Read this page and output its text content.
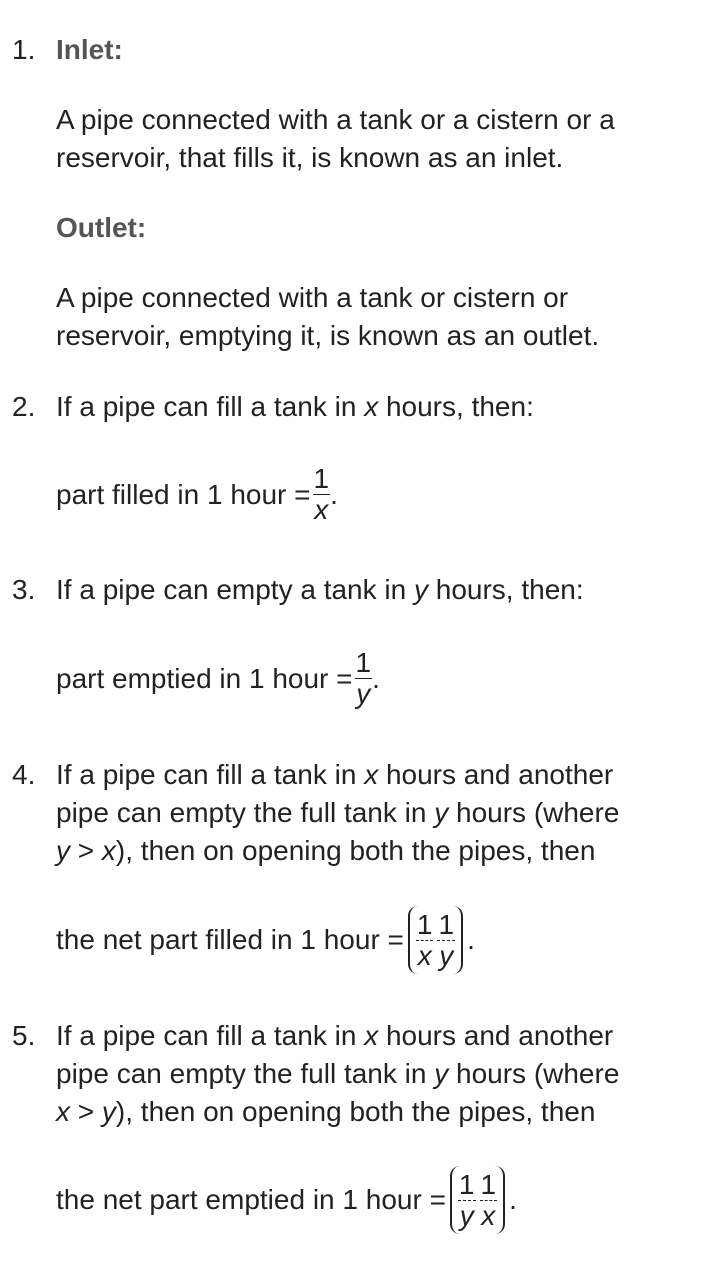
1. Inlet:
A pipe connected with a tank or a cistern or a
reservoir, that fills it, is known as an inlet.
Outlet:
A pipe connected with a tank or cistern or
reservoir, emptying it, is known as an outlet.
2. If a pipe can fill a tank in x hours, then:
part filled in 1 hour = $\frac{1}{x}$ .
3. If a pipe can empty a tank in y hours, then:
part emptied in 1 hour = $\frac{1}{y}$ .
4. If a pipe can fill a tank in x hours and another
pipe can empty the full tank in y hours (where
y > x), then on opening both the pipes, then
the net part filled in 1 hour = $\frac{1}{x} \frac{1}{y}$ .
5. If a pipe can fill a tank in x hours and another
pipe can empty the full tank in y hours (where
x > y), then on opening both the pipes, then
the net part emptied in 1 hour = $\frac{1}{y} \frac{1}{x}$ .
